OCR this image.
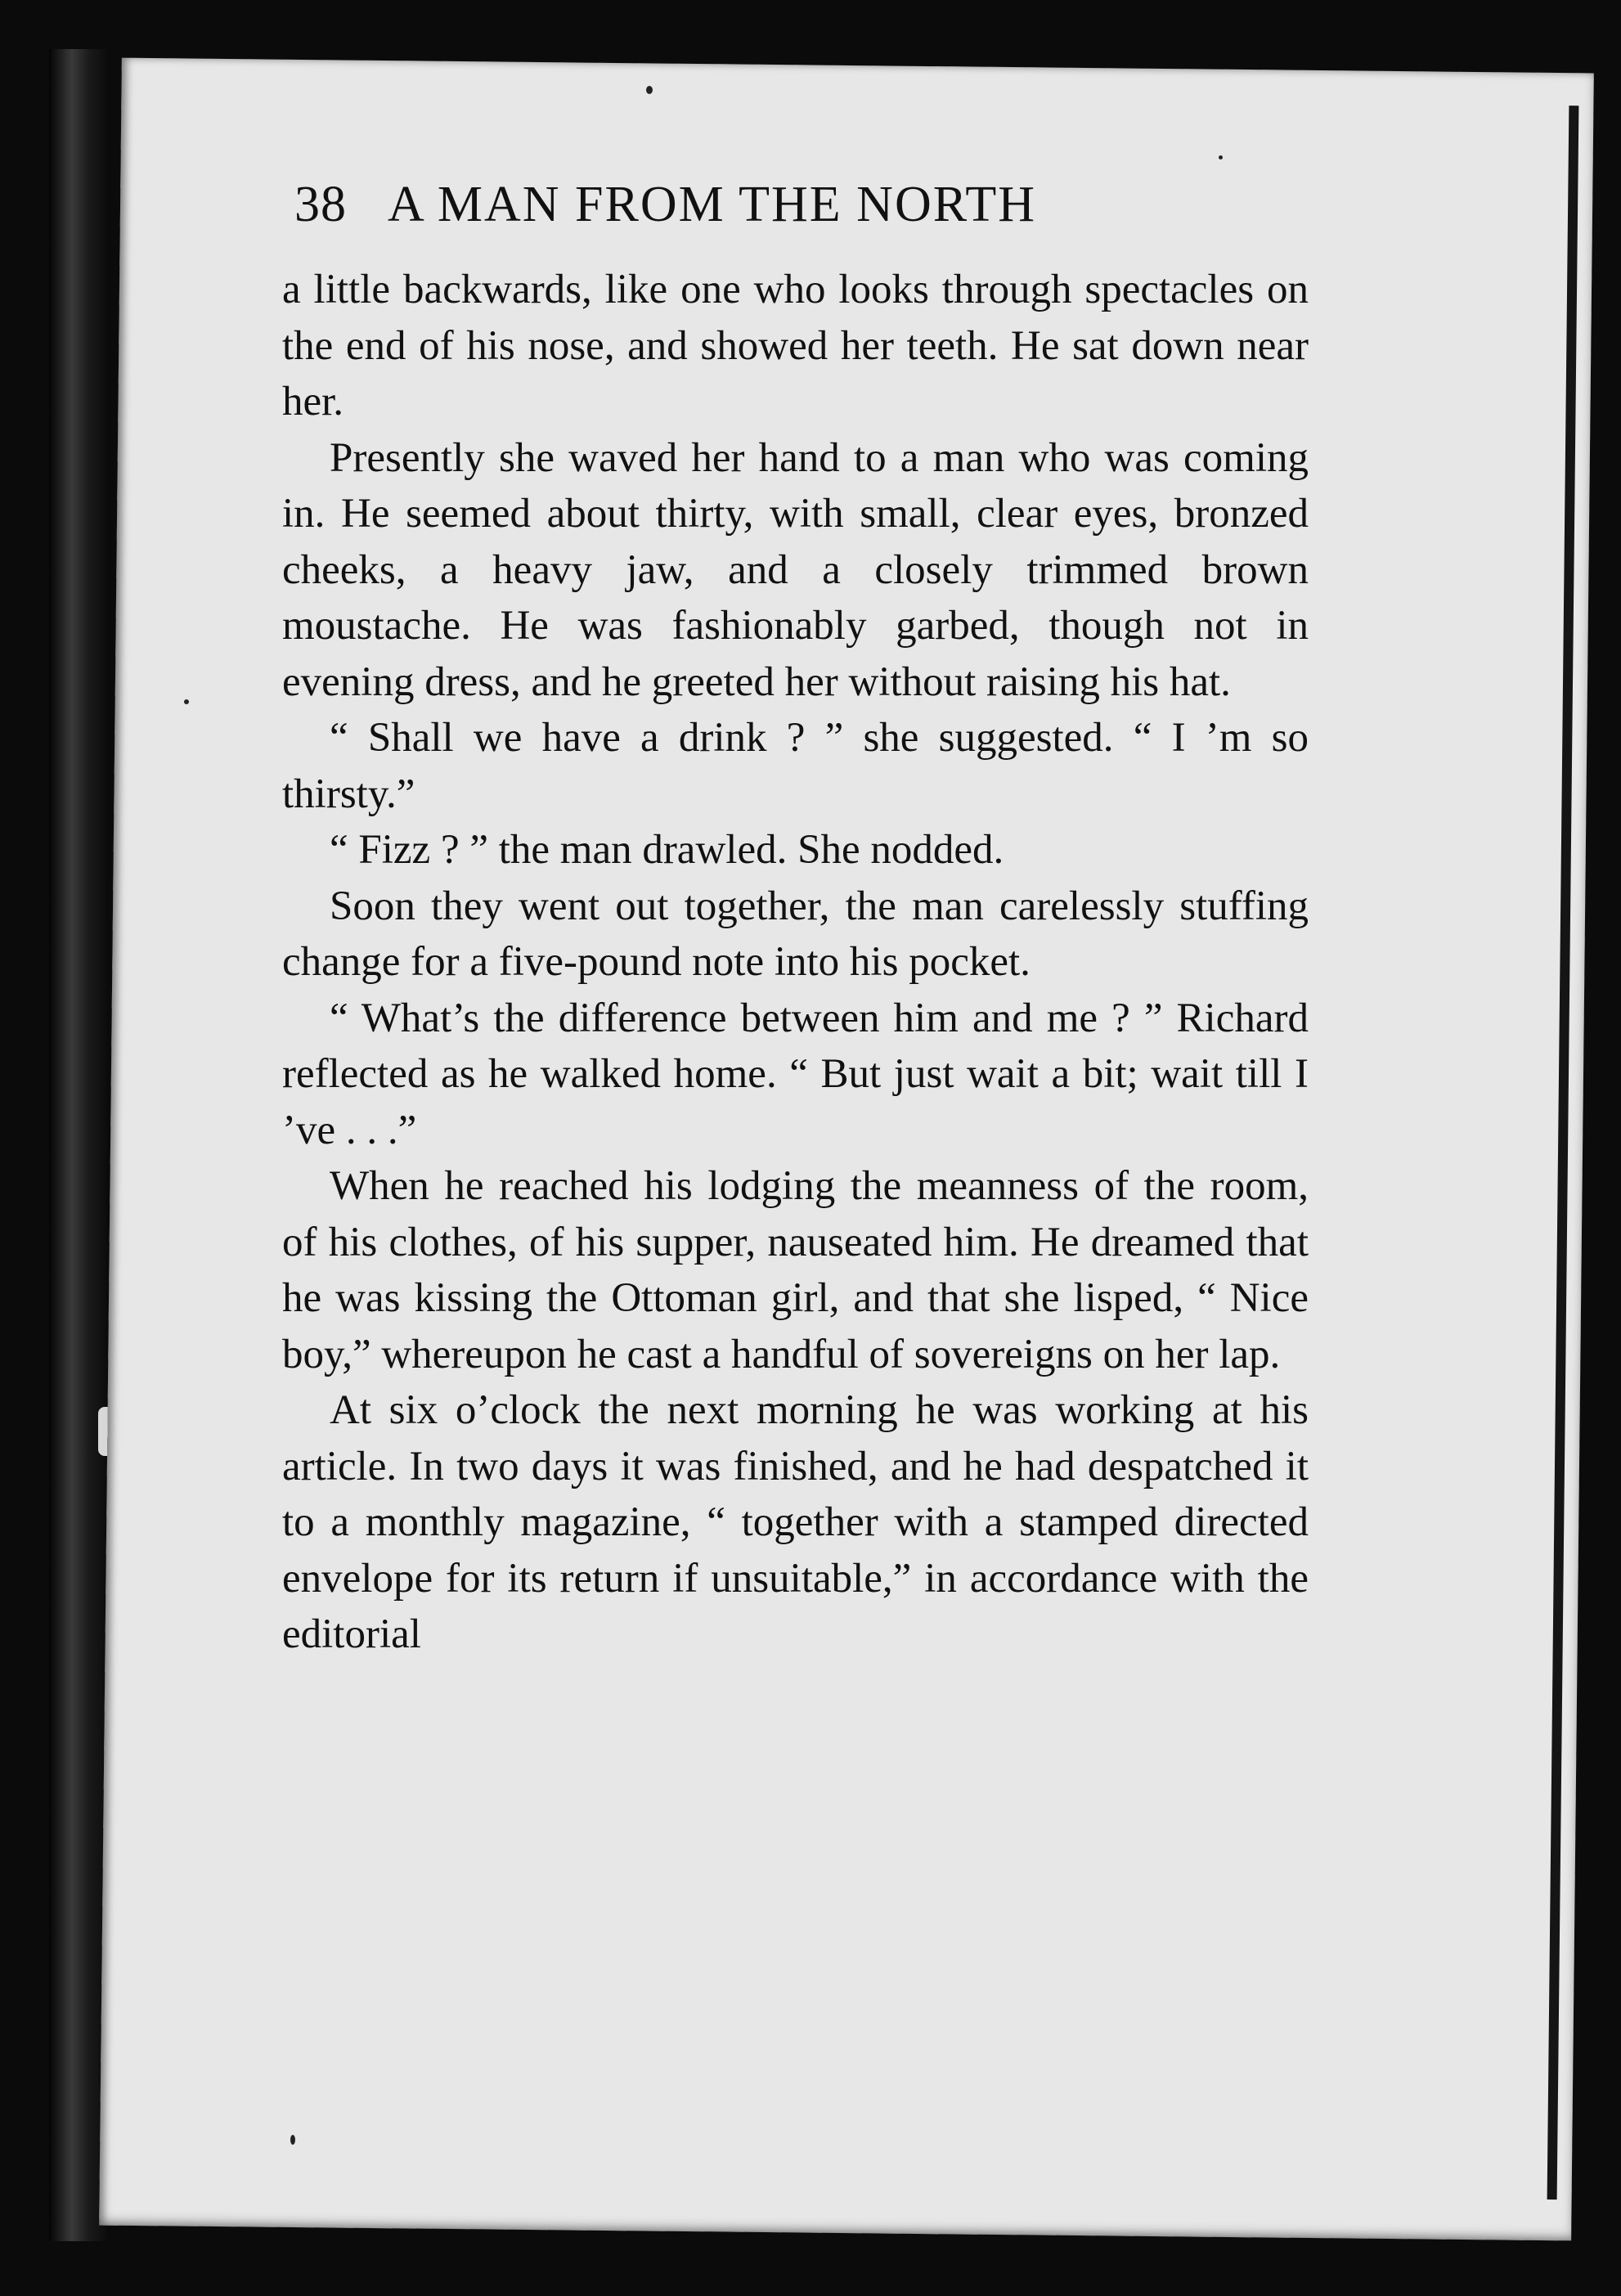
38 A MAN FROM THE NORTH

a little backwards, like one who looks through spectacles on the end of his nose, and showed her teeth. He sat down near her.

Presently she waved her hand to a man who was coming in. He seemed about thirty, with small, clear eyes, bronzed cheeks, a heavy jaw, and a closely trimmed brown moustache. He was fashionably garbed, though not in evening dress, and he greeted her without raising his hat.

“ Shall we have a drink ? ” she suggested. “ I ’m so thirsty.”

“ Fizz ? ” the man drawled. She nodded.

Soon they went out together, the man carelessly stuffing change for a five-pound note into his pocket.

“ What’s the difference between him and me ? ” Richard reflected as he walked home. “ But just wait a bit; wait till I ’ve . . .”

When he reached his lodging the meanness of the room, of his clothes, of his supper, nauseated him. He dreamed that he was kissing the Ottoman girl, and that she lisped, “ Nice boy,” whereupon he cast a handful of sovereigns on her lap.

At six o’clock the next morning he was working at his article. In two days it was finished, and he had despatched it to a monthly magazine, “ together with a stamped directed envelope for its return if unsuitable,” in accordance with the editorial
